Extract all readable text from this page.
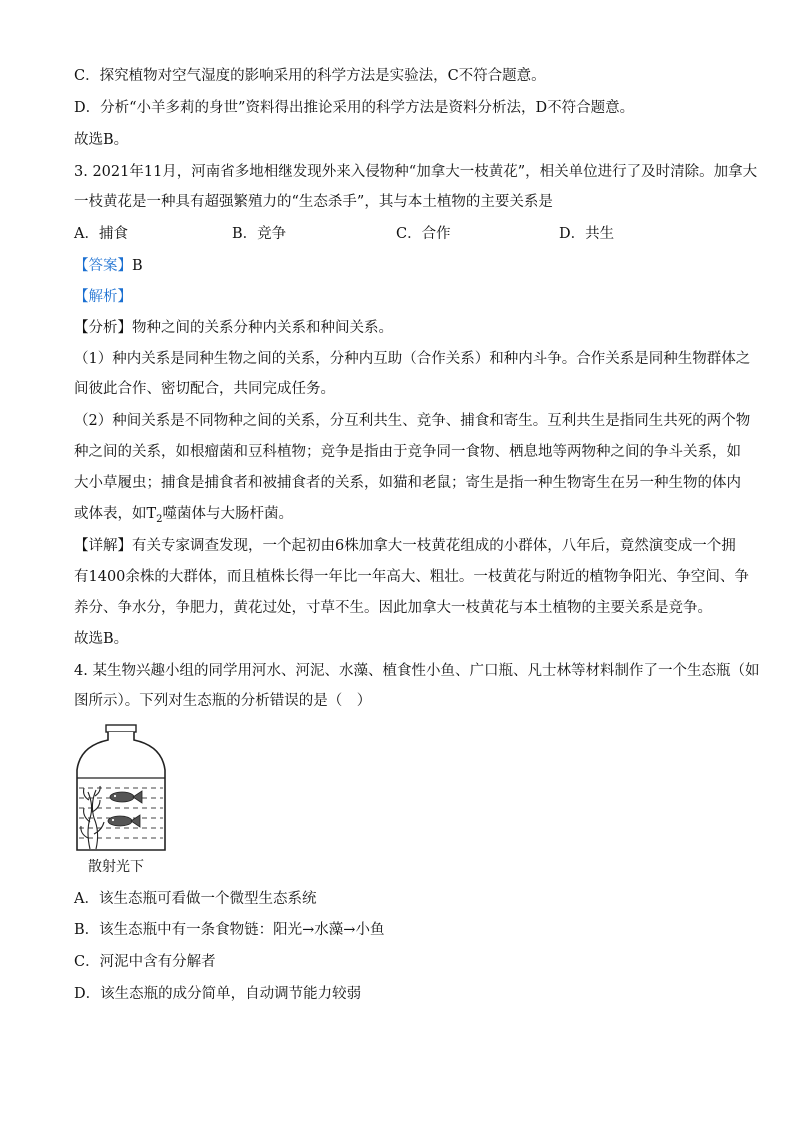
C．探究植物对空气湿度的影响采用的科学方法是实验法，C不符合题意。
D．分析“小羊多莉的身世”资料得出推论采用的科学方法是资料分析法，D不符合题意。
故选B。
3. 2021年11月，河南省多地相继发现外来入侵物种“加拿大一枝黄花”，相关单位进行了及时清除。加拿大
一枝黄花是一种具有超强繁殖力的“生态杀手”，其与本土植物的主要关系是
A．捕食	B．竞争	C．合作	D．共生
【答案】B
【解析】
【分析】物种之间的关系分种内关系和种间关系。
（1）种内关系是同种生物之间的关系，分种内互助（合作关系）和种内斗争。合作关系是同种生物群体之
间彼此合作、密切配合，共同完成任务。
（2）种间关系是不同物种之间的关系，分互利共生、竞争、捕食和寄生。互利共生是指同生共死的两个物
种之间的关系，如根瘤菌和豆科植物；竞争是指由于竞争同一食物、栖息地等两物种之间的争斗关系，如
大小草履虫；捕食是捕食者和被捕食者的关系，如猫和老鼠；寄生是指一种生物寄生在另一种生物的体内
或体表，如$T_2$噬菌体与大肠杆菌。
【详解】有关专家调查发现，一个起初由6株加拿大一枝黄花组成的小群体，八年后，竟然演变成一个拥
有1400余株的大群体，而且植株长得一年比一年高大、粗壮。一枝黄花与附近的植物争阳光、争空间、争
养分、争水分，争肥力，黄花过处，寸草不生。因此加拿大一枝黄花与本土植物的主要关系是竞争。
故选B。
4. 某生物兴趣小组的同学用河水、河泥、水藻、植食性小鱼、广口瓶、凡士林等材料制作了一个生态瓶（如
图所示）。下列对生态瓶的分析错误的是（　）
散射光下
A．该生态瓶可看做一个微型生态系统
B．该生态瓶中有一条食物链：阳光→水藻→小鱼
C．河泥中含有分解者
D．该生态瓶的成分简单，自动调节能力较弱
